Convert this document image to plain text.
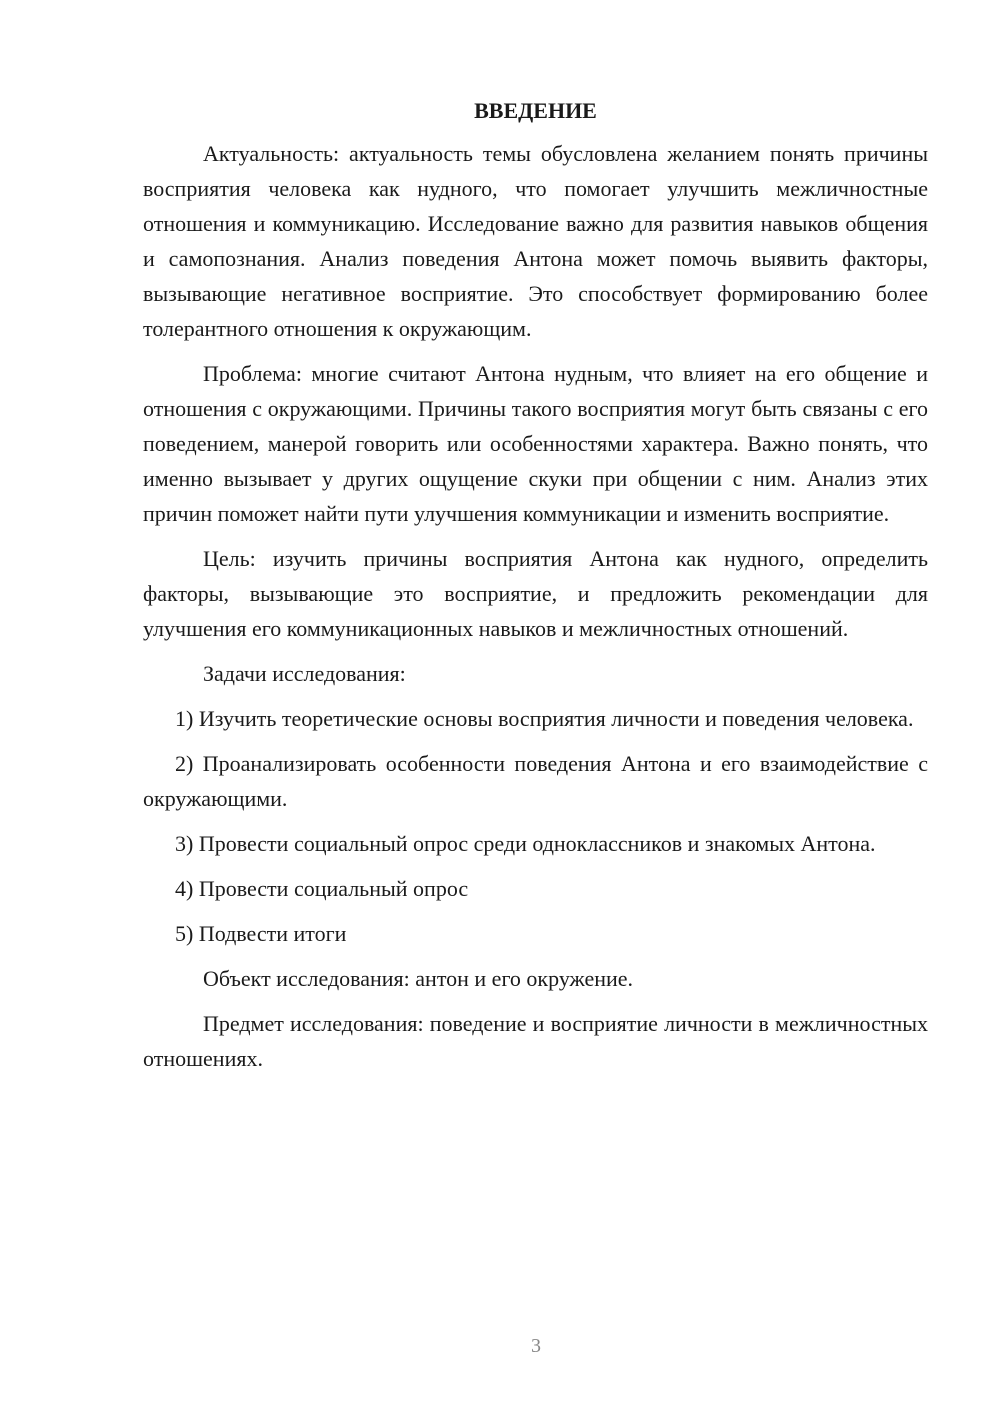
ВВЕДЕНИЕ

Актуальность: актуальность темы обусловлена желанием понять причины восприятия человека как нудного, что помогает улучшить межличностные отношения и коммуникацию. Исследование важно для развития навыков общения и самопознания. Анализ поведения Антона может помочь выявить факторы, вызывающие негативное восприятие. Это способствует формированию более толерантного отношения к окружающим.

Проблема: многие считают Антона нудным, что влияет на его общение и отношения с окружающими. Причины такого восприятия могут быть связаны с его поведением, манерой говорить или особенностями характера. Важно понять, что именно вызывает у других ощущение скуки при общении с ним. Анализ этих причин поможет найти пути улучшения коммуникации и изменить восприятие.

Цель: изучить причины восприятия Антона как нудного, определить факторы, вызывающие это восприятие, и предложить рекомендации для улучшения его коммуникационных навыков и межличностных отношений.

Задачи исследования:

1) Изучить теоретические основы восприятия личности и поведения человека.

2) Проанализировать особенности поведения Антона и его взаимодействие с окружающими.

3) Провести социальный опрос среди одноклассников и знакомых Антона.

4) Провести социальный опрос

5) Подвести итоги

Объект исследования: антон и его окружение.

Предмет исследования: поведение и восприятие личности в межличностных отношениях.

3
